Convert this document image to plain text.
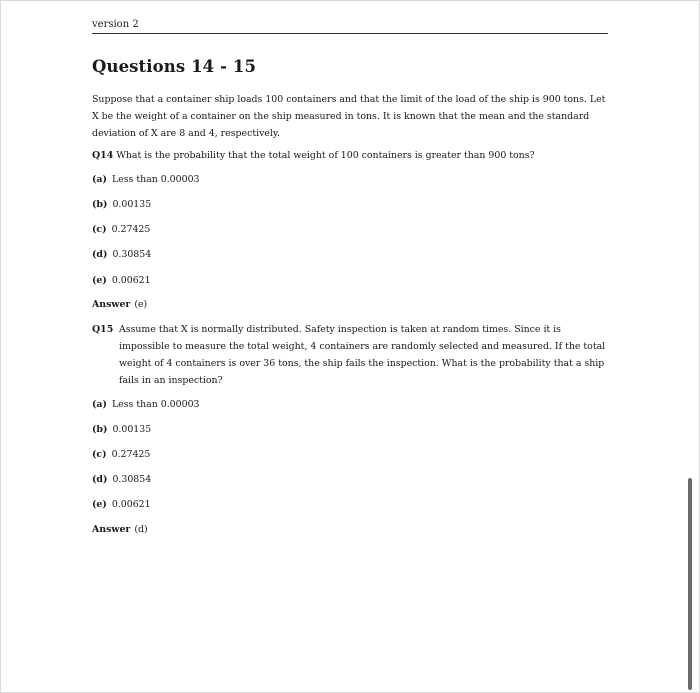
version 2
Questions 14 - 15

Suppose that a container ship loads 100 containers and that the limit of the load of the ship is 900 tons. Let X be the weight of a container on the ship measured in tons. It is known that the mean and the standard deviation of X are 8 and 4, respectively.

Q14 What is the probability that the total weight of 100 containers is greater than 900 tons?

(a) Less than 0.00003

(b) 0.00135

(c) 0.27425

(d) 0.30854

(e) 0.00621

Answer (e)

Q15 Assume that X is normally distributed. Safety inspection is taken at random times. Since it is impossible to measure the total weight, 4 containers are randomly selected and measured. If the total weight of 4 containers is over 36 tons, the ship fails the inspection. What is the probability that a ship fails in an inspection?

(a) Less than 0.00003

(b) 0.00135

(c) 0.27425

(d) 0.30854

(e) 0.00621

Answer (d)
